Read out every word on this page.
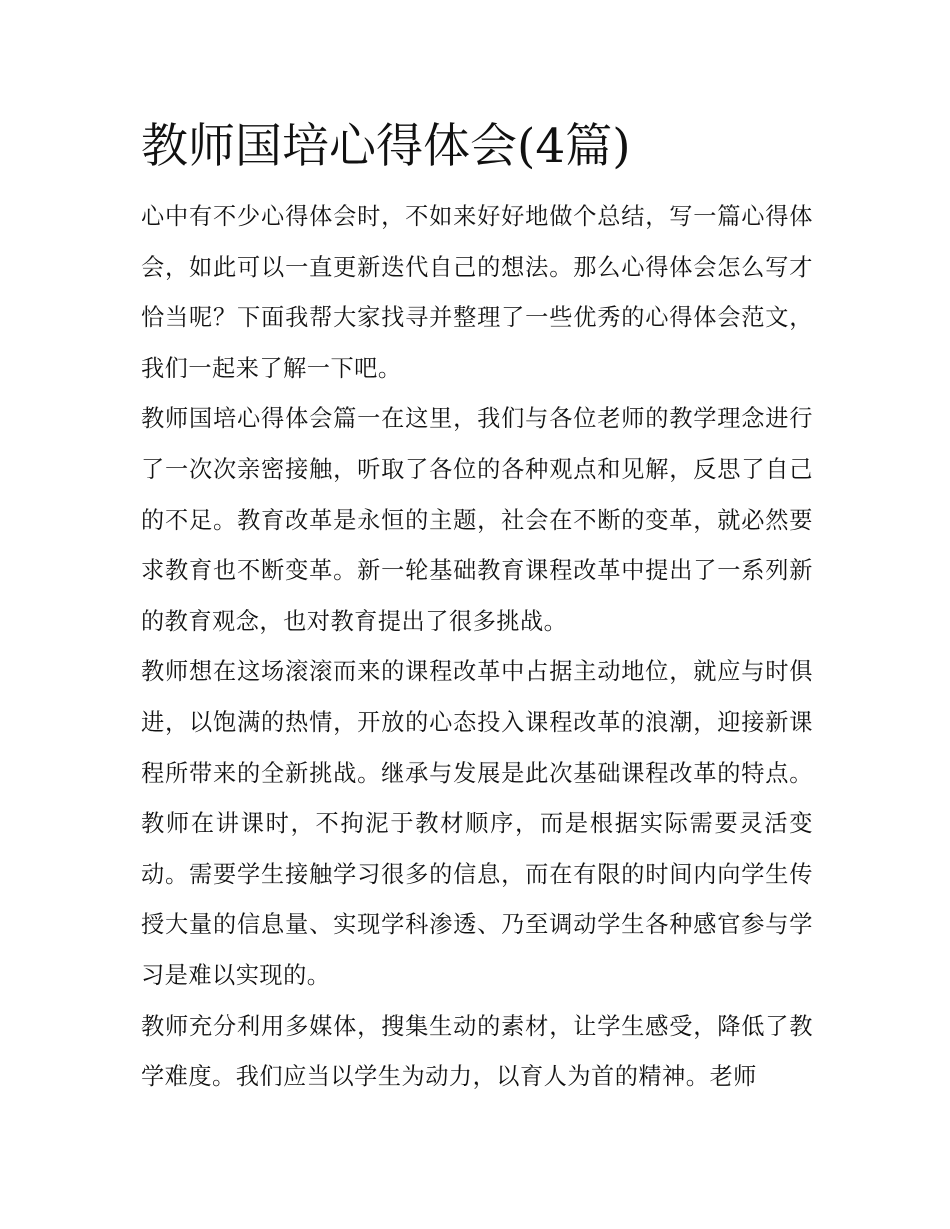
教师国培心得体会(4篇)

心中有不少心得体会时，不如来好好地做个总结，写一篇心得体会，如此可以一直更新迭代自己的想法。那么心得体会怎么写才恰当呢？下面我帮大家找寻并整理了一些优秀的心得体会范文，我们一起来了解一下吧。

教师国培心得体会篇一在这里，我们与各位老师的教学理念进行了一次次亲密接触，听取了各位的各种观点和见解，反思了自己的不足。教育改革是永恒的主题，社会在不断的变革，就必然要求教育也不断变革。新一轮基础教育课程改革中提出了一系列新的教育观念，也对教育提出了很多挑战。

教师想在这场滚滚而来的课程改革中占据主动地位，就应与时俱进，以饱满的热情，开放的心态投入课程改革的浪潮，迎接新课程所带来的全新挑战。继承与发展是此次基础课程改革的特点。教师在讲课时，不拘泥于教材顺序，而是根据实际需要灵活变动。需要学生接触学习很多的信息，而在有限的时间内向学生传授大量的信息量、实现学科渗透、乃至调动学生各种感官参与学习是难以实现的。

教师充分利用多媒体，搜集生动的素材，让学生感受，降低了教学难度。我们应当以学生为动力，以育人为首的精神。老师
